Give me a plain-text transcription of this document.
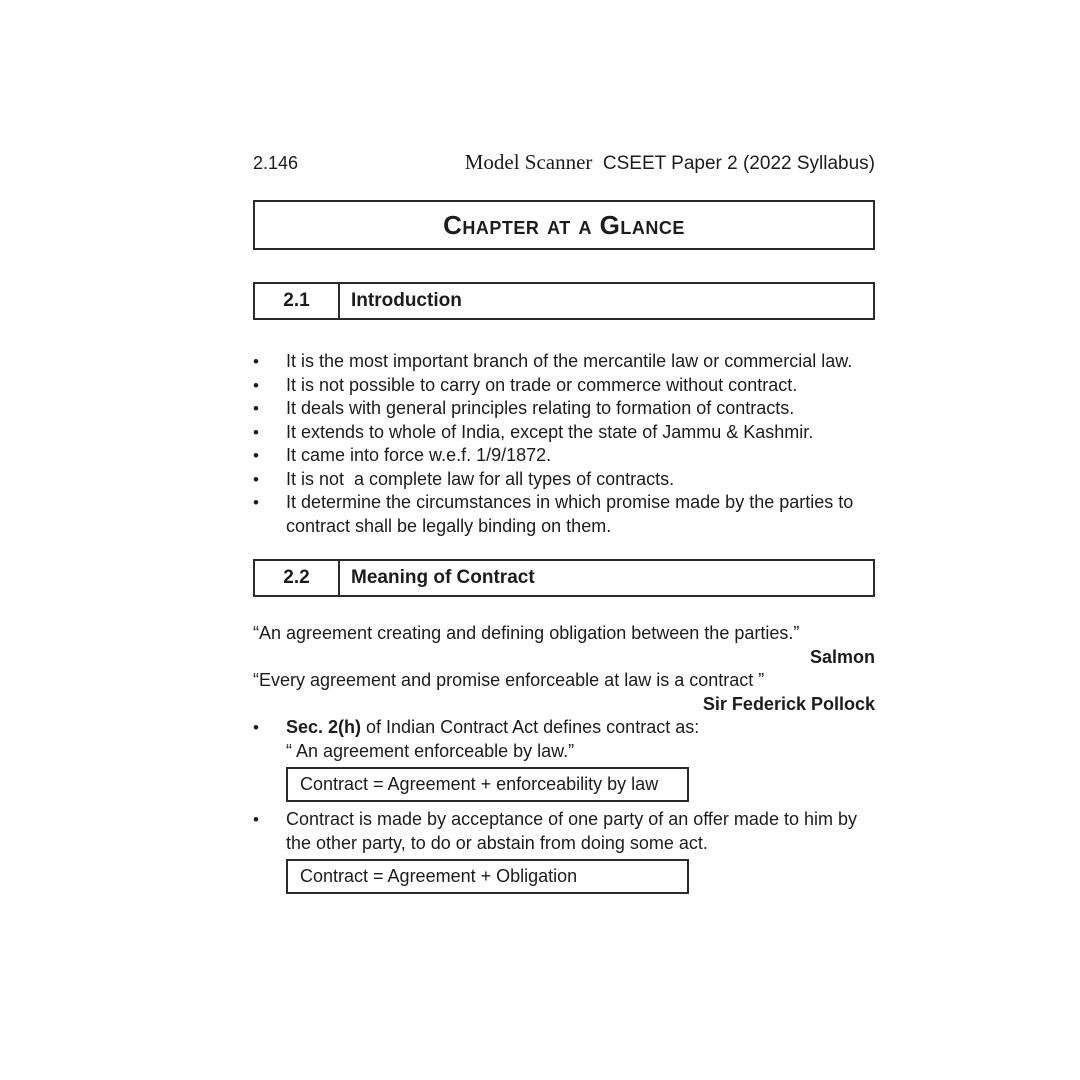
2.146	Model Scanner CSEET Paper 2 (2022 Syllabus)
Chapter at a Glance
2.1	Introduction
•	It is the most important branch of the mercantile law or commercial law.
•	It is not possible to carry on trade or commerce without contract.
•	It deals with general principles relating to formation of contracts.
•	It extends to whole of India, except the state of Jammu & Kashmir.
•	It came into force w.e.f. 1/9/1872.
•	It is not  a complete law for all types of contracts.
•	It determine the circumstances in which promise made by the parties to contract shall be legally binding on them.
2.2	Meaning of Contract
“An agreement creating and defining obligation between the parties.”
Salmon
“Every agreement and promise enforceable at law is a contract ”
Sir Federick Pollock
•	Sec. 2(h) of Indian Contract Act defines contract as:
“ An agreement enforceable by law.”
Contract = Agreement + enforceability by law
•	Contract is made by acceptance of one party of an offer made to him by the other party, to do or abstain from doing some act.
Contract = Agreement + Obligation
